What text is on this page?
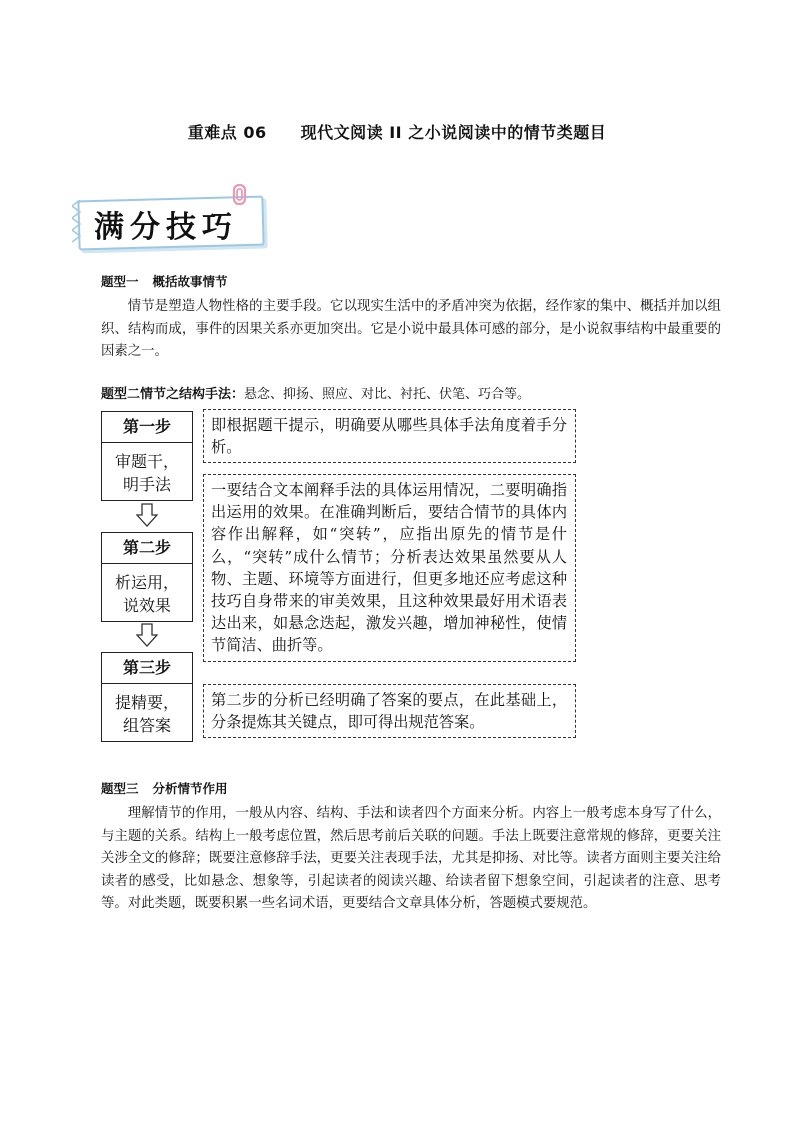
重难点 06 现代文阅读 II 之小说阅读中的情节类题目
满分技巧
题型一 概括故事情节

情节是塑造人物性格的主要手段。它以现实生活中的矛盾冲突为依据，经作家的集中、概括并加以组织、结构而成，事件的因果关系亦更加突出。它是小说中最具体可感的部分，是小说叙事结构中最重要的因素之一。

题型二情节之结构手法：悬念、抑扬、照应、对比、衬托、伏笔、巧合等。
第一步
审题干，
明手法
第二步
析运用，
说效果
第三步
提精要，
组答案
即根据题干提示，明确要从哪些具体手法角度着手分析。
一要结合文本阐释手法的具体运用情况，二要明确指出运用的效果。在准确判断后，要结合情节的具体内容作出解释，如“突转”，应指出原先的情节是什么，“突转”成什么情节；分析表达效果虽然要从人物、主题、环境等方面进行，但更多地还应考虑这种技巧自身带来的审美效果，且这种效果最好用术语表达出来，如悬念迭起，激发兴趣，增加神秘性，使情节简洁、曲折等。
第二步的分析已经明确了答案的要点，在此基础上，分条提炼其关键点，即可得出规范答案。
题型三 分析情节作用

理解情节的作用，一般从内容、结构、手法和读者四个方面来分析。内容上一般考虑本身写了什么，与主题的关系。结构上一般考虑位置，然后思考前后关联的问题。手法上既要注意常规的修辞，更要关注关涉全文的修辞；既要注意修辞手法，更要关注表现手法，尤其是抑扬、对比等。读者方面则主要关注给读者的感受，比如悬念、想象等，引起读者的阅读兴趣、给读者留下想象空间，引起读者的注意、思考等。对此类题，既要积累一些名词术语，更要结合文章具体分析，答题模式要规范。
